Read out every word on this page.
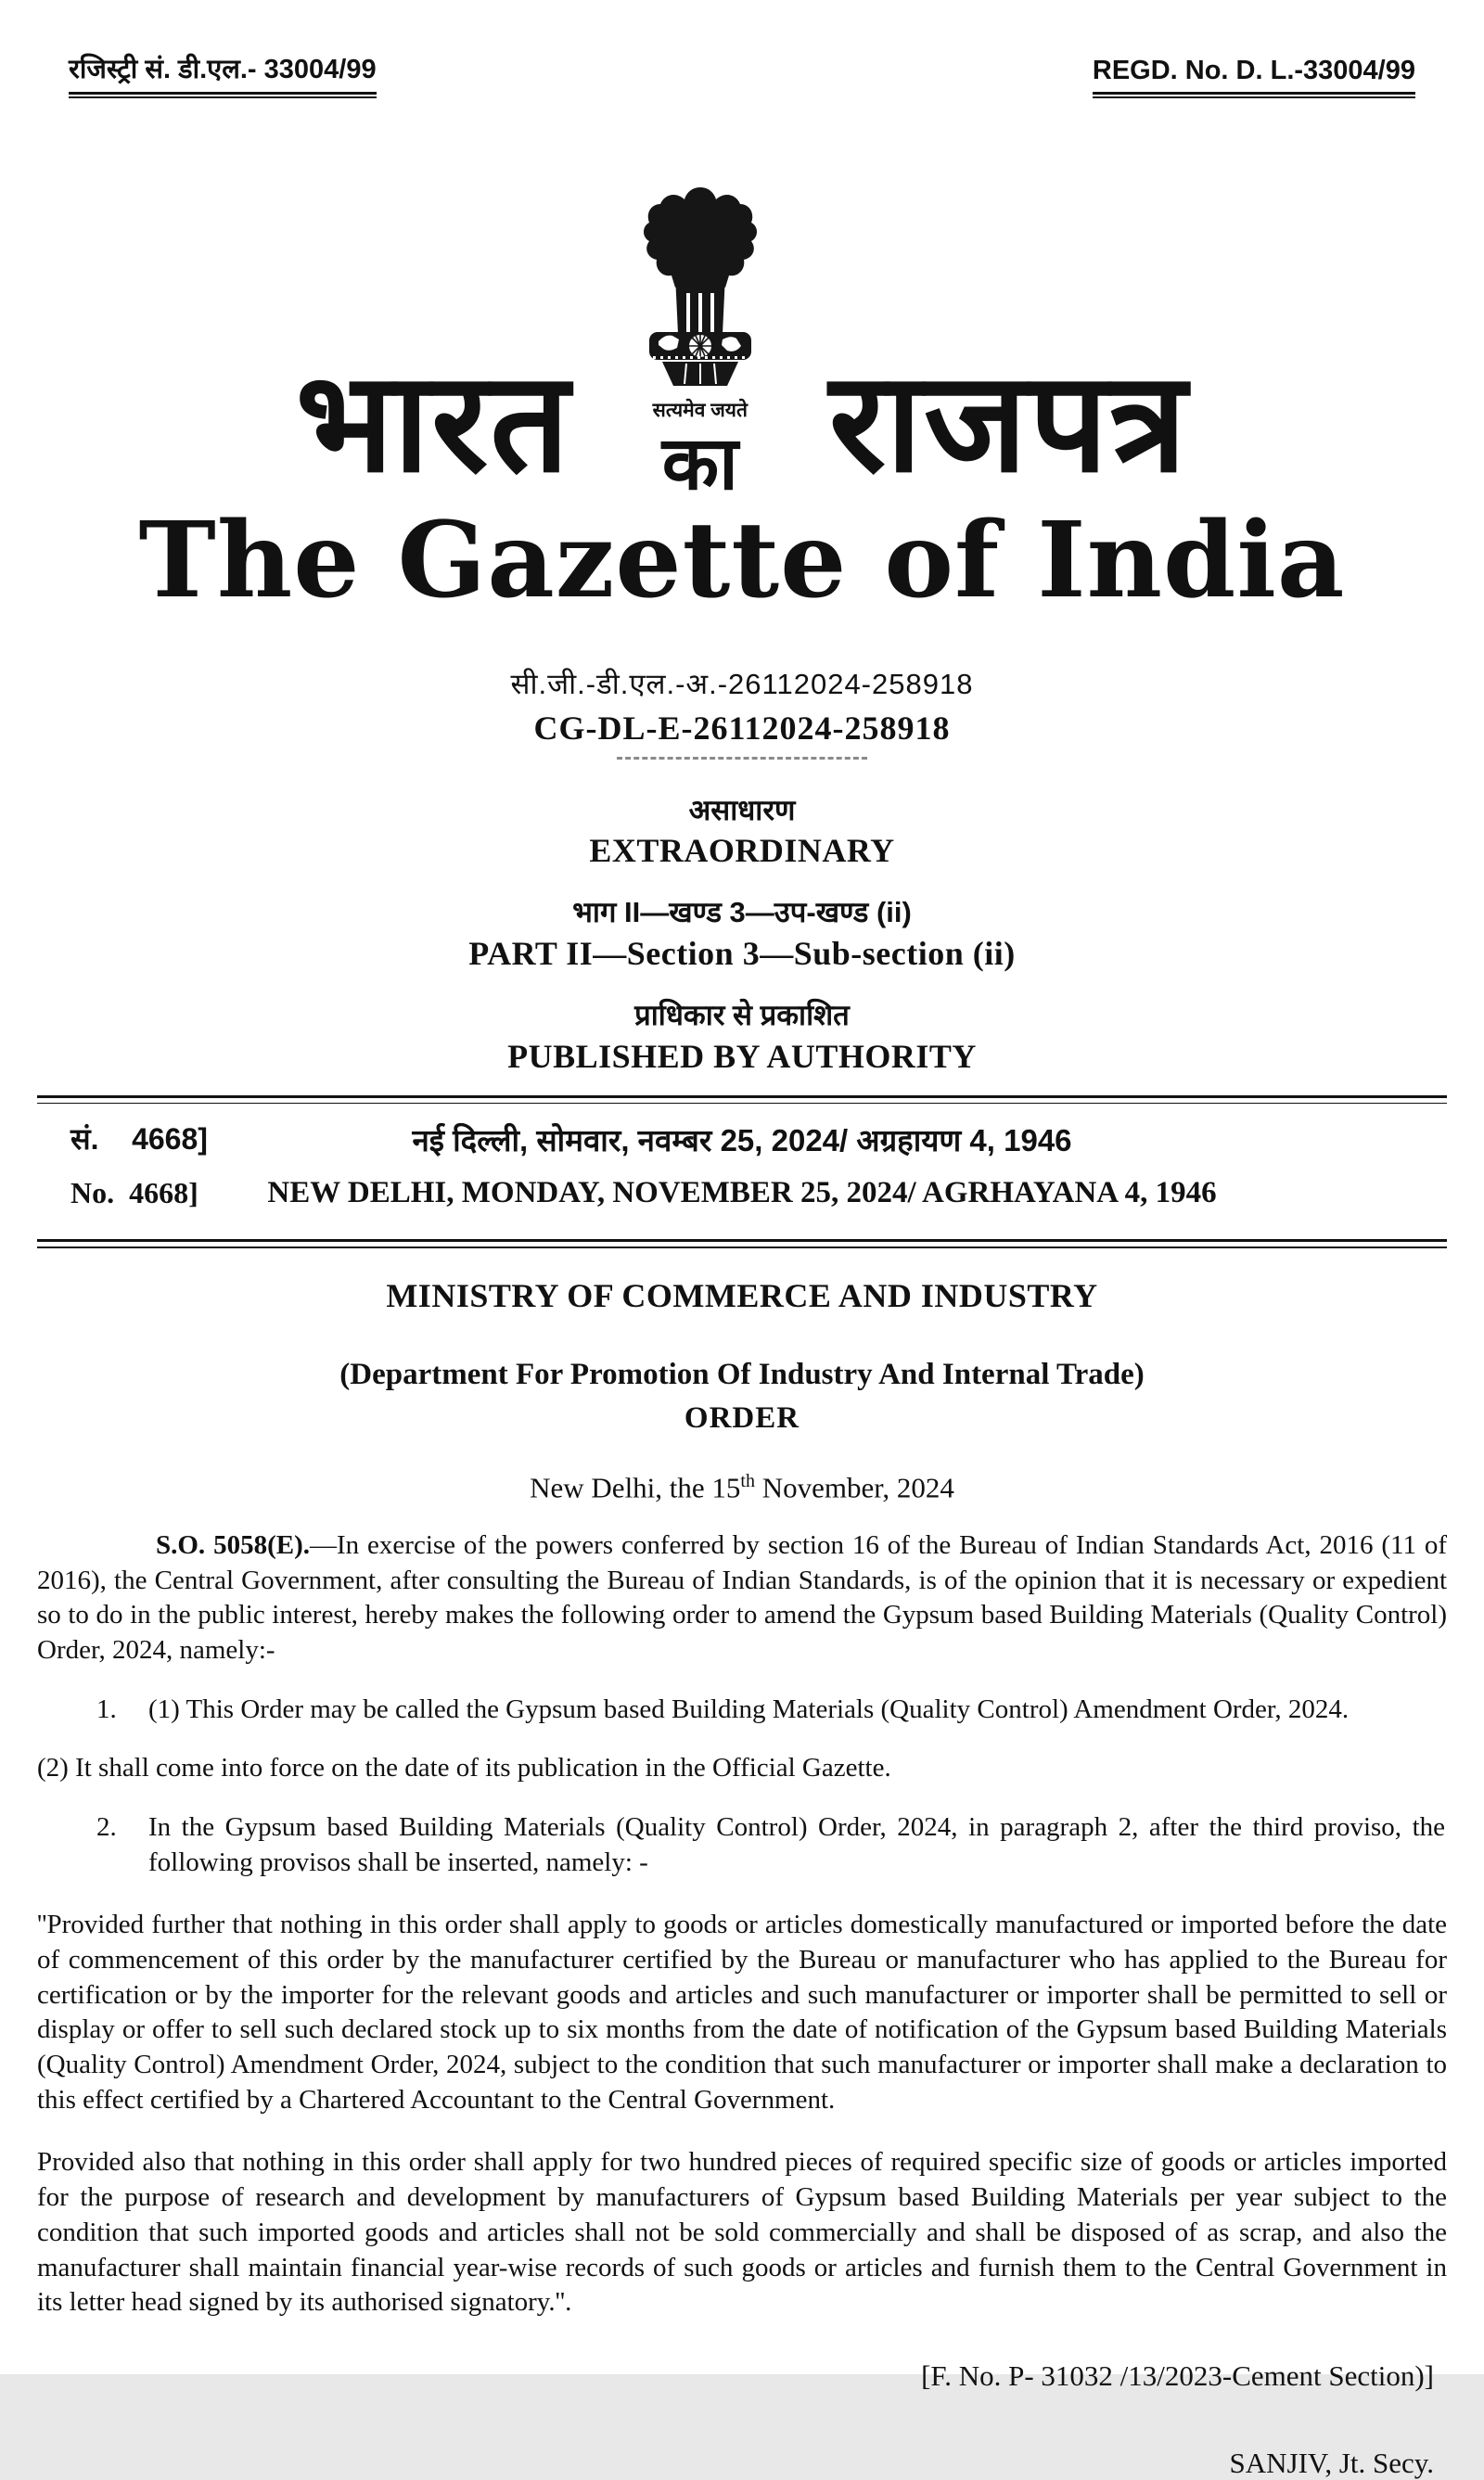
रजिस्ट्री सं. डी.एल.- 33004/99	REGD. No. D. L.-33004/99
भारत	सत्यमेव जयते
का राजपत्र
The Gazette of India
सी.जी.-डी.एल.-अ.-26112024-258918
CG-DL-E-26112024-258918
असाधारण
EXTRAORDINARY
भाग II—खण्ड 3—उप-खण्ड (ii)
PART II—Section 3—Sub-section (ii)
प्राधिकार से प्रकाशित
PUBLISHED BY AUTHORITY
सं.    4668]	नई दिल्ली, सोमवार, नवम्बर 25, 2024/ अग्रहायण 4, 1946
No.  4668]	NEW DELHI, MONDAY, NOVEMBER 25, 2024/ AGRHAYANA 4, 1946
MINISTRY OF COMMERCE AND INDUSTRY
(Department For Promotion Of Industry And Internal Trade)
ORDER
New Delhi, the 15th November, 2024

S.O. 5058(E).—In exercise of the powers conferred by section 16 of the Bureau of Indian Standards Act, 2016 (11 of 2016), the Central Government, after consulting the Bureau of Indian Standards, is of the opinion that it is necessary or expedient so to do in the public interest, hereby makes the following order to amend the Gypsum based Building Materials (Quality Control) Order, 2024, namely:-

1.	(1) This Order may be called the Gypsum based Building Materials (Quality Control) Amendment Order, 2024.

(2) It shall come into force on the date of its publication in the Official Gazette.

2.	In the Gypsum based Building Materials (Quality Control) Order, 2024, in paragraph 2, after the third proviso, the following provisos shall be inserted, namely: -

''Provided further that nothing in this order shall apply to goods or articles domestically manufactured or imported before the date of commencement of this order by the manufacturer certified by the Bureau or manufacturer who has applied to the Bureau for certification or by the importer for the relevant goods and articles and such manufacturer or importer shall be permitted to sell or display or offer to sell such declared stock up to six months from the date of notification of the Gypsum based Building Materials (Quality Control) Amendment Order, 2024, subject to the condition that such manufacturer or importer shall make a declaration to this effect certified by a Chartered Accountant to the Central Government.

Provided also that nothing in this order shall apply for two hundred pieces of required specific size of goods or articles imported for the purpose of research and development by manufacturers of Gypsum based Building Materials per year subject to the condition that such imported goods and articles shall not be sold commercially and shall be disposed of as scrap, and also the manufacturer shall maintain financial year-wise records of such goods or articles and furnish them to the Central Government in its letter head signed by its authorised signatory.''.

[F. No. P- 31032 /13/2023-Cement Section)]
SANJIV, Jt. Secy.
